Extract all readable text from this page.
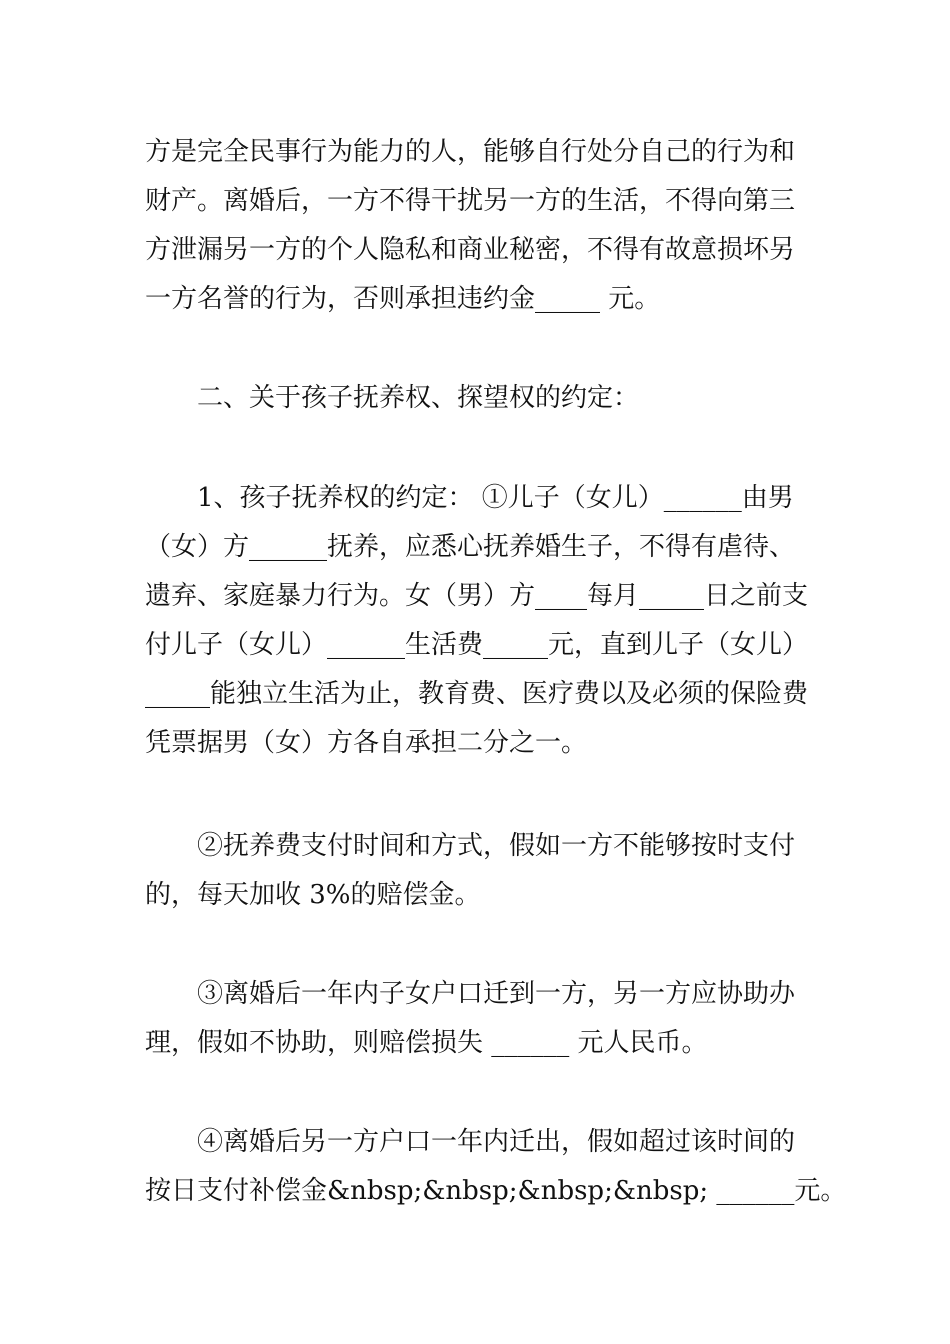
方是完全民事行为能力的人，能够自行处分自己的行为和
财产。离婚后，一方不得干扰另一方的生活，不得向第三
方泄漏另一方的个人隐私和商业秘密，不得有故意损坏另
一方名誉的行为，否则承担违约金_____ 元。
二、关于孩子抚养权、探望权的约定：
1、孩子抚养权的约定： ①儿子（女儿）______由男
（女）方______抚养，应悉心抚养婚生子，不得有虐待、
遗弃、家庭暴力行为。女（男）方____每月_____日之前支
付儿子（女儿）______生活费_____元，直到儿子（女儿）
_____能独立生活为止，教育费、医疗费以及必须的保险费
凭票据男（女）方各自承担二分之一。
②抚养费支付时间和方式，假如一方不能够按时支付
的，每天加收 3%的赔偿金。
③离婚后一年内子女户口迁到一方，另一方应协助办
理，假如不协助，则赔偿损失 ______ 元人民币。
④离婚后另一方户口一年内迁出，假如超过该时间的
按日支付补偿金&nbsp;&nbsp;&nbsp;&nbsp; ______元。
